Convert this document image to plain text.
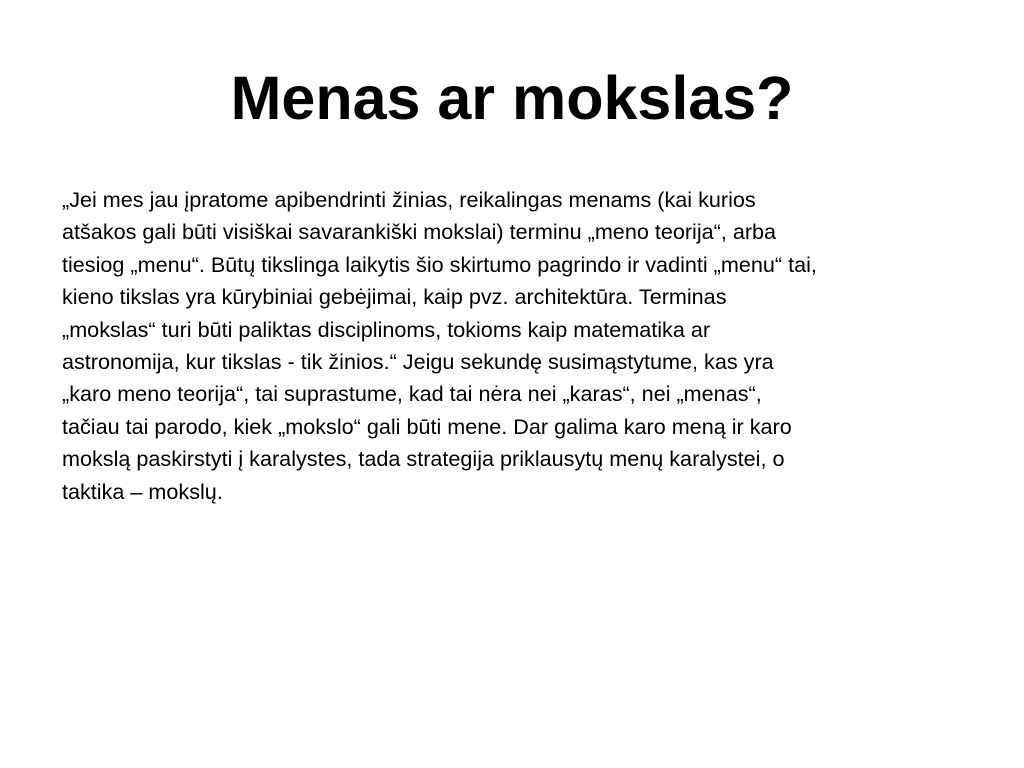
Menas ar mokslas?
„Jei mes jau įpratome apibendrinti žinias, reikalingas menams (kai kurios
atšakos gali būti visiškai savarankiški mokslai) terminu „meno teorija“, arba
tiesiog „menu“. Būtų tikslinga laikytis šio skirtumo pagrindo ir vadinti „menu“ tai,
kieno tikslas yra kūrybiniai gebėjimai, kaip pvz. architektūra. Terminas
„mokslas“ turi būti paliktas disciplinoms, tokioms kaip matematika ar
astronomija, kur tikslas - tik žinios.“ Jeigu sekundę susimąstytume, kas yra
„karo meno teorija“, tai suprastume, kad tai nėra nei „karas“, nei „menas“,
tačiau tai parodo, kiek „mokslo“ gali būti mene. Dar galima karo meną ir karo
mokslą paskirstyti į karalystes, tada strategija priklausytų menų karalystei, o
taktika – mokslų.
